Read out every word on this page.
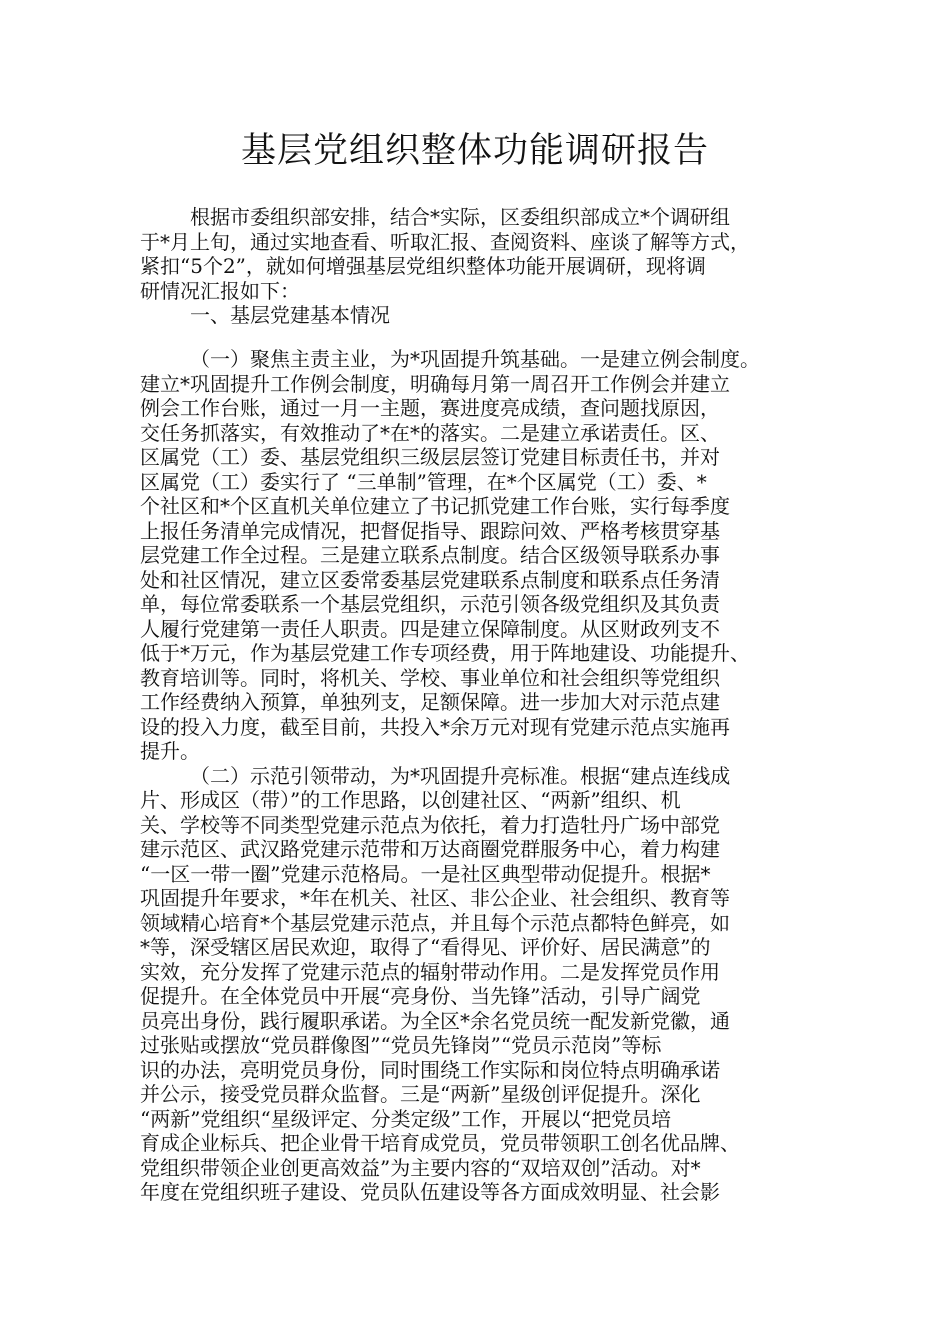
基层党组织整体功能调研报告
根据市委组织部安排，结合*实际，区委组织部成立*个调研组
于*月上旬，通过实地查看、听取汇报、查阅资料、座谈了解等方式，
紧扣“5个2”，就如何增强基层党组织整体功能开展调研，现将调
研情况汇报如下：
一、基层党建基本情况
（一）聚焦主责主业，为*巩固提升筑基础。一是建立例会制度。
建立*巩固提升工作例会制度，明确每月第一周召开工作例会并建立
例会工作台账，通过一月一主题，赛进度亮成绩，查问题找原因，
交任务抓落实，有效推动了*在*的落实。二是建立承诺责任。区、
区属党（工）委、基层党组织三级层层签订党建目标责任书，并对
区属党（工）委实行了 “三单制”管理，在*个区属党（工）委、*
个社区和*个区直机关单位建立了书记抓党建工作台账，实行每季度
上报任务清单完成情况，把督促指导、跟踪问效、严格考核贯穿基
层党建工作全过程。三是建立联系点制度。结合区级领导联系办事
处和社区情况，建立区委常委基层党建联系点制度和联系点任务清
单，每位常委联系一个基层党组织，示范引领各级党组织及其负责
人履行党建第一责任人职责。四是建立保障制度。从区财政列支不
低于*万元，作为基层党建工作专项经费，用于阵地建设、功能提升、
教育培训等。同时，将机关、学校、事业单位和社会组织等党组织
工作经费纳入预算，单独列支，足额保障。进一步加大对示范点建
设的投入力度，截至目前，共投入*余万元对现有党建示范点实施再
提升。
（二）示范引领带动，为*巩固提升亮标准。根据“建点连线成
片、形成区（带）”的工作思路，以创建社区、“两新”组织、机
关、学校等不同类型党建示范点为依托，着力打造牡丹广场中部党
建示范区、武汉路党建示范带和万达商圈党群服务中心，着力构建
“一区一带一圈”党建示范格局。一是社区典型带动促提升。根据*
巩固提升年要求，*年在机关、社区、非公企业、社会组织、教育等
领域精心培育*个基层党建示范点，并且每个示范点都特色鲜亮，如
*等，深受辖区居民欢迎，取得了“看得见、评价好、居民满意”的
实效，充分发挥了党建示范点的辐射带动作用。二是发挥党员作用
促提升。在全体党员中开展“亮身份、当先锋”活动，引导广阔党
员亮出身份，践行履职承诺。为全区*余名党员统一配发新党徽，通
过张贴或摆放“党员群像图”“党员先锋岗”“党员示范岗”等标
识的办法，亮明党员身份，同时围绕工作实际和岗位特点明确承诺
并公示，接受党员群众监督。三是“两新”星级创评促提升。深化
“两新”党组织“星级评定、分类定级”工作，开展以“把党员培
育成企业标兵、把企业骨干培育成党员，党员带领职工创名优品牌、
党组织带领企业创更高效益”为主要内容的“双培双创”活动。对*
年度在党组织班子建设、党员队伍建设等各方面成效明显、社会影
